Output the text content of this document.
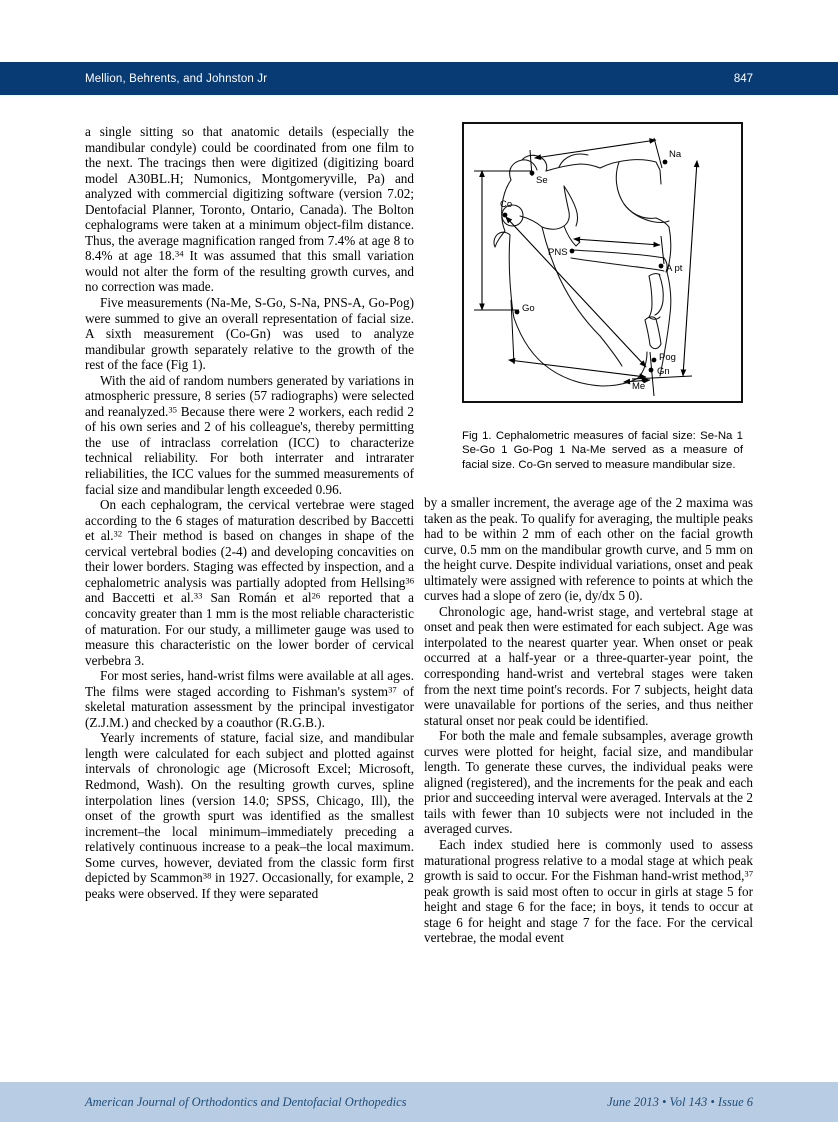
Mellion, Behrents, and Johnston Jr	847

a single sitting so that anatomic details (especially the mandibular condyle) could be coordinated from one film to the next. The tracings then were digitized (digitizing board model A30BL.H; Numonics, Montgomeryville, Pa) and analyzed with commercial digitizing software (version 7.02; Dentofacial Planner, Toronto, Ontario, Canada). The Bolton cephalograms were taken at a minimum object-film distance. Thus, the average magnification ranged from 7.4% at age 8 to 8.4% at age 18.34 It was assumed that this small variation would not alter the form of the resulting growth curves, and no correction was made.

Five measurements (Na-Me, S-Go, S-Na, PNS-A, Go-Pog) were summed to give an overall representation of facial size. A sixth measurement (Co-Gn) was used to analyze mandibular growth separately relative to the growth of the rest of the face (Fig 1).

With the aid of random numbers generated by variations in atmospheric pressure, 8 series (57 radiographs) were selected and reanalyzed.$^{35}$ Because there were 2 workers, each redid 2 of his own series and 2 of his colleague's, thereby permitting the use of intraclass correlation (ICC) to characterize technical reliability. For both interrater and intrarater reliabilities, the ICC values for the summed measurements of facial size and mandibular length exceeded 0.96.

On each cephalogram, the cervical vertebrae were staged according to the 6 stages of maturation described by Baccetti et al.$^{32}$ Their method is based on changes in shape of the cervical vertebral bodies (2-4) and developing concavities on their lower borders. Staging was effected by inspection, and a cephalometric analysis was partially adopted from Hellsing$^{36}$ and Baccetti et al.$^{33}$ San Román et $al^{26}$ reported that a concavity greater than 1 mm is the most reliable characteristic of maturation. For our study, a millimeter gauge was used to measure this characteristic on the lower border of cervical verbebra 3.

For most series, hand-wrist films were available at all ages. The films were staged according to Fishman's system$^{37}$ of skeletal maturation assessment by the principal investigator (Z.J.M.) and checked by a coauthor (R.G.B.).

Yearly increments of stature, facial size, and mandibular length were calculated for each subject and plotted against intervals of chronologic age (Microsoft Excel; Microsoft, Redmond, Wash). On the resulting growth curves, spline interpolation lines (version 14.0; SPSS, Chicago, Ill), the onset of the growth spurt was identified as the smallest increment–the local minimum–immediately preceding a relatively continuous increase to a peak–the local maximum. Some curves, however, deviated from the classic form first depicted by Scammon$^{38}$ in 1927. Occasionally, for example, 2 peaks were observed. If they were separated

Na
Se
Co
PNS
A pt
Go
Pog
Gn
Me
Fig 1. Cephalometric measures of facial size: Se-Na 1 Se-Go 1 Go-Pog 1 Na-Me served as a measure of facial size. Co-Gn served to measure mandibular size.

by a smaller increment, the average age of the 2 maxima was taken as the peak. To qualify for averaging, the multiple peaks had to be within 2 mm of each other on the facial growth curve, 0.5 mm on the mandibular growth curve, and 5 mm on the height curve. Despite individual variations, onset and peak ultimately were assigned with reference to points at which the curves had a slope of zero (ie, dy/dx 5 0).

Chronologic age, hand-wrist stage, and vertebral stage at onset and peak then were estimated for each subject. Age was interpolated to the nearest quarter year. When onset or peak occurred at a half-year or a three-quarter-year point, the corresponding hand-wrist and vertebral stages were taken from the next time point's records. For 7 subjects, height data were unavailable for portions of the series, and thus neither statural onset nor peak could be identified.

For both the male and female subsamples, average growth curves were plotted for height, facial size, and mandibular length. To generate these curves, the individual peaks were aligned (registered), and the increments for the peak and each prior and succeeding interval were averaged. Intervals at the 2 tails with fewer than 10 subjects were not included in the averaged curves.

Each index studied here is commonly used to assess maturational progress relative to a modal stage at which peak growth is said to occur. For the Fishman hand-wrist method,$^{37}$ peak growth is said most often to occur in girls at stage 5 for height and stage 6 for the face; in boys, it tends to occur at stage 6 for height and stage 7 for the face. For the cervical vertebrae, the modal event

American Journal of Orthodontics and Dentofacial Orthopedics	June 2013 • Vol 143 • Issue 6
